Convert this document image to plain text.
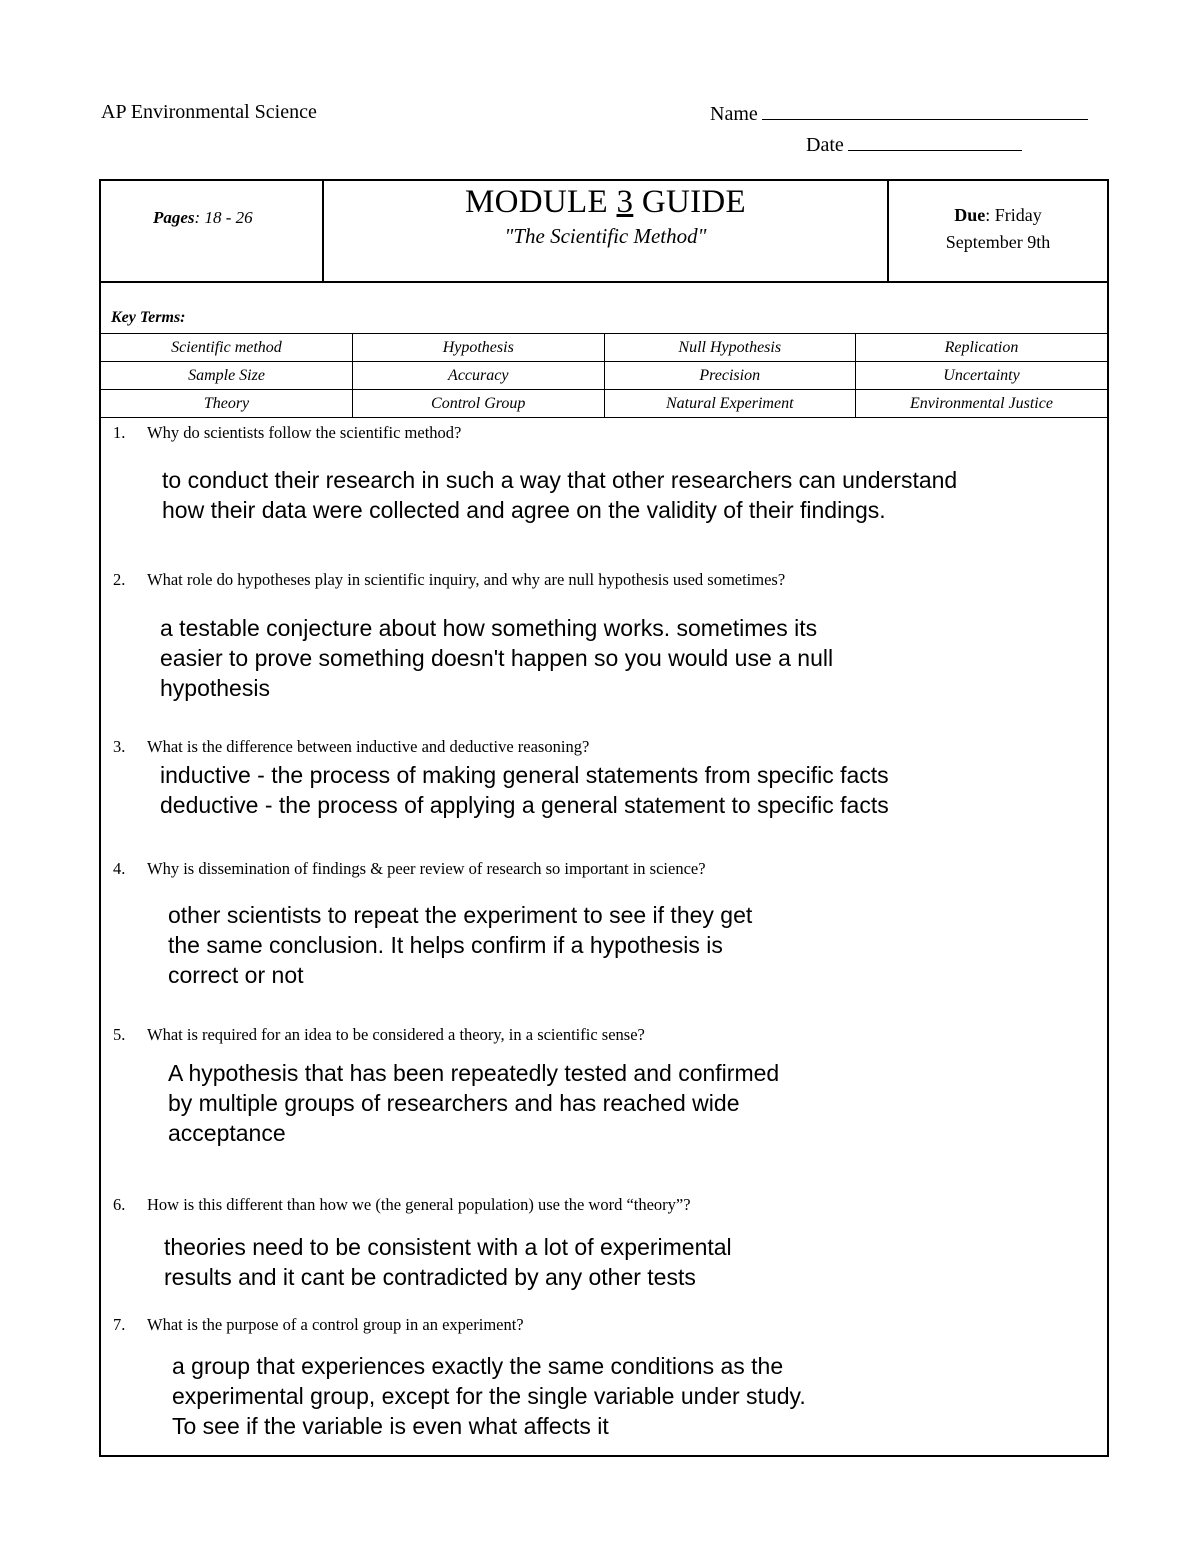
AP Environmental Science	Name
Date
Pages: 18 - 26	MODULE 3 GUIDE
"The Scientific Method"
Due: Friday
September 9th
Key Terms:
Scientific method	Hypothesis	Null Hypothesis	Replication
Sample Size	Accuracy	Precision	Uncertainty
Theory	Control Group	Natural Experiment	Environmental Justice
1. Why do scientists follow the scientific method?
to conduct their research in such a way that other researchers can understand
how their data were collected and agree on the validity of their findings.
2. What role do hypotheses play in scientific inquiry, and why are null hypothesis used sometimes?
a testable conjecture about how something works. sometimes its
easier to prove something doesn't happen so you would use a null
hypothesis
3. What is the difference between inductive and deductive reasoning?
inductive - the process of making general statements from specific facts
deductive - the process of applying a general statement to specific facts
4. Why is dissemination of findings & peer review of research so important in science?
other scientists to repeat the experiment to see if they get
the same conclusion. It helps confirm if a hypothesis is
correct or not
5. What is required for an idea to be considered a theory, in a scientific sense?
A hypothesis that has been repeatedly tested and confirmed
by multiple groups of researchers and has reached wide
acceptance
6. How is this different than how we (the general population) use the word “theory”?
theories need to be consistent with a lot of experimental
results and it cant be contradicted by any other tests
7. What is the purpose of a control group in an experiment?
a group that experiences exactly the same conditions as the
experimental group, except for the single variable under study.
To see if the variable is even what affects it
